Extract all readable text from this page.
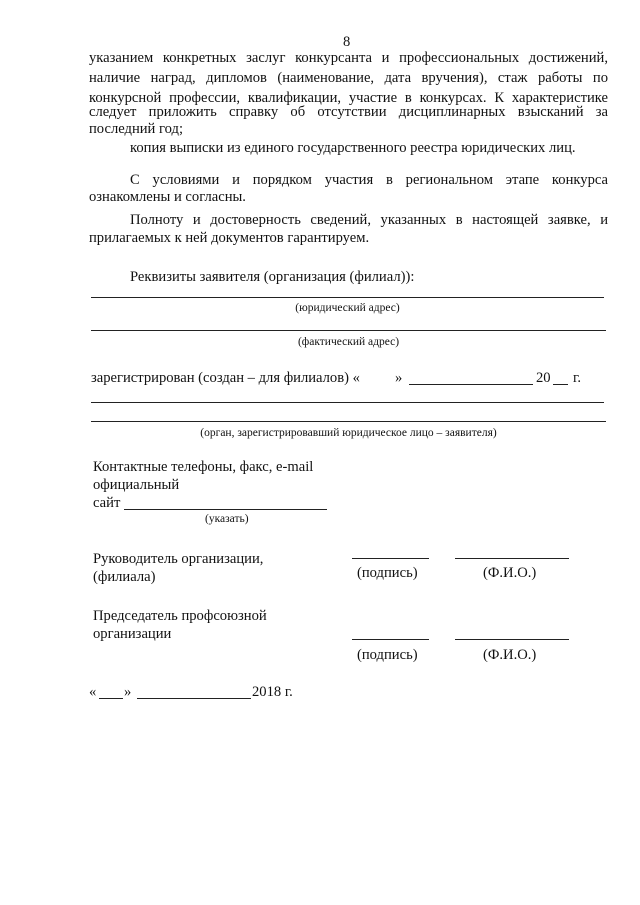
8
указанием конкретных заслуг конкурсанта и профессиональных достижений,
наличие наград, дипломов (наименование, дата вручения), стаж работы по
конкурсной профессии, квалификации, участие в конкурсах. К характеристике
следует приложить справку об отсутствии дисциплинарных взысканий за
последний год;
копия выписки из единого государственного реестра юридических лиц.
С условиями и порядком участия в региональном этапе конкурса
ознакомлены и согласны.
Полноту и достоверность сведений, указанных в настоящей заявке, и
прилагаемых к ней документов гарантируем.
Реквизиты заявителя (организация (филиал)):
(юридический адрес)
(фактический адрес)
зарегистрирован (создан – для филиалов) « »	20 г.
(орган, зарегистрировавший юридическое лицо – заявителя)
Контактные телефоны, факс, e-mail
официальный
сайт
(указать)
Руководитель организации,
(филиала)	(подпись)	(Ф.И.О.)
Председатель профсоюзной
организации
(подпись)	(Ф.И.О.)
« »	2018 г.
